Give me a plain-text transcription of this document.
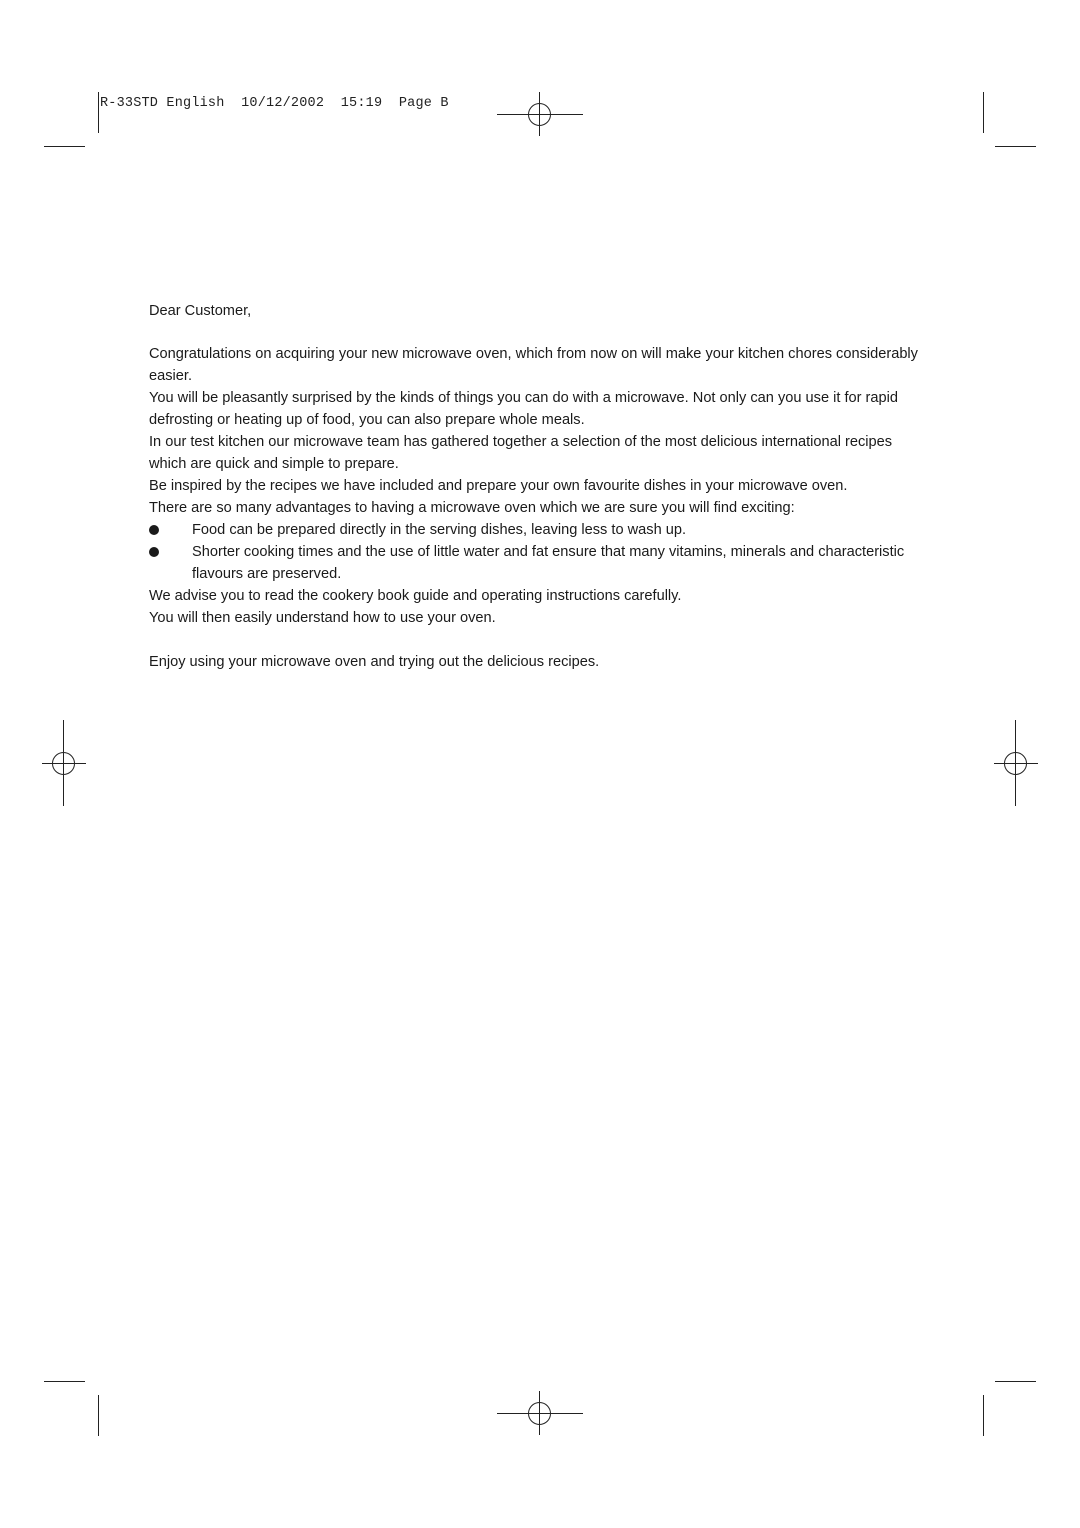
R-33STD English  10/12/2002  15:19  Page B

Dear Customer,

Congratulations on acquiring your new microwave oven, which from now on will make your kitchen chores considerably easier.

You will be pleasantly surprised by the kinds of things you can do with a microwave. Not only can you use it for rapid defrosting or heating up of food, you can also prepare whole meals.

In our test kitchen our microwave team has gathered together a selection of the most delicious international recipes which are quick and simple to prepare.

Be inspired by the recipes we have included and prepare your own favourite dishes in your microwave oven.

There are so many advantages to having a microwave oven which we are sure you will find exciting:

Food can be prepared directly in the serving dishes, leaving less to wash up.
Shorter cooking times and the use of little water and fat ensure that many vitamins, minerals and characteristic flavours are preserved.

We advise you to read the cookery book guide and operating instructions carefully.

You will then easily understand how to use your oven.

Enjoy using your microwave oven and trying out the delicious recipes.
